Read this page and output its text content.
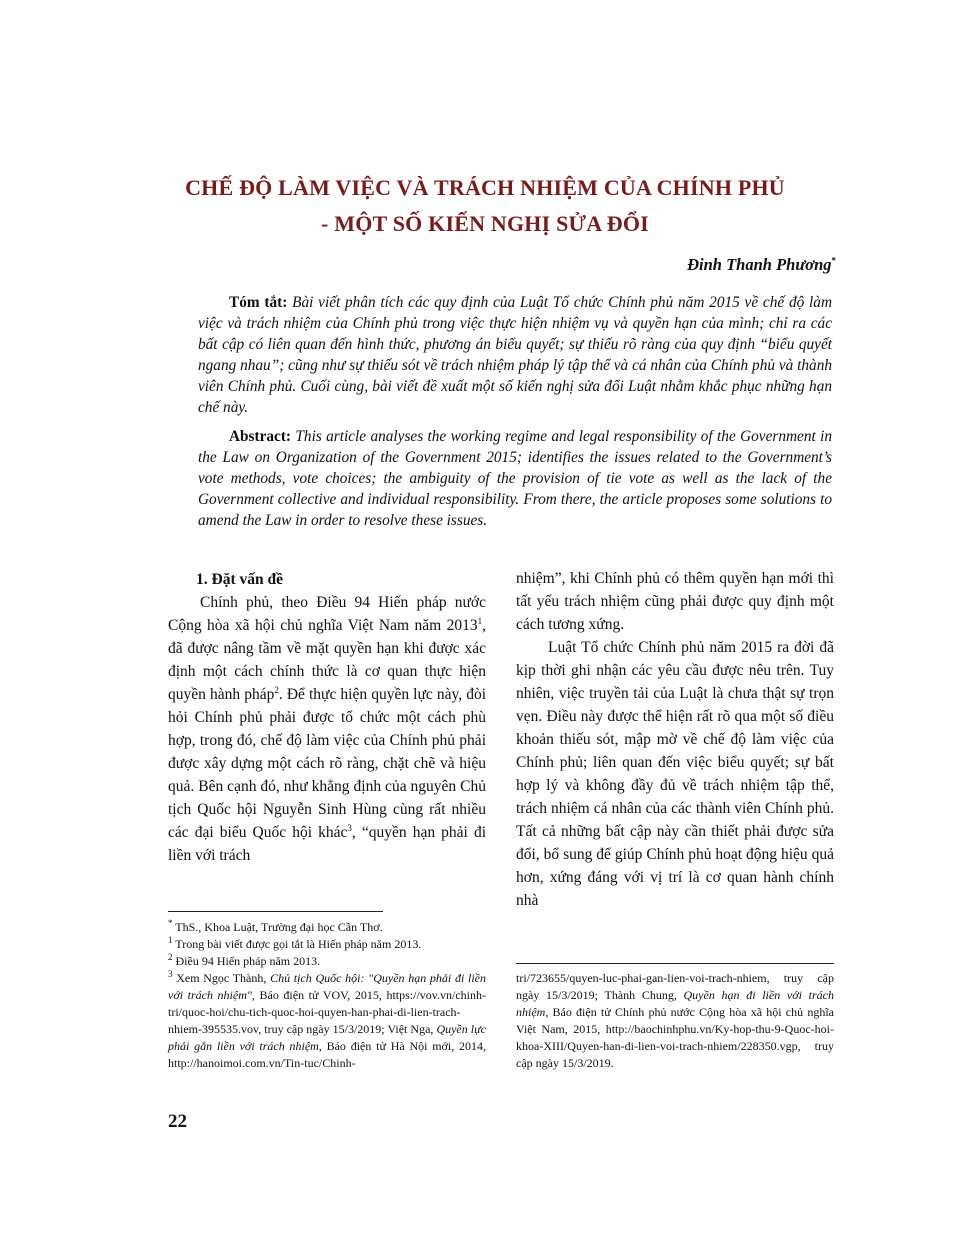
CHẾ ĐỘ LÀM VIỆC VÀ TRÁCH NHIỆM CỦA CHÍNH PHỦ
- MỘT SỐ KIẾN NGHỊ SỬA ĐỔI
Đinh Thanh Phương*
Tóm tắt: Bài viết phân tích các quy định của Luật Tổ chức Chính phủ năm 2015 về chế độ làm việc và trách nhiệm của Chính phủ trong việc thực hiện nhiệm vụ và quyền hạn của mình; chỉ ra các bất cập có liên quan đến hình thức, phương án biểu quyết; sự thiếu rõ ràng của quy định “biểu quyết ngang nhau”; cũng như sự thiếu sót về trách nhiệm pháp lý tập thể và cá nhân của Chính phủ và thành viên Chính phủ. Cuối cùng, bài viết đề xuất một số kiến nghị sửa đổi Luật nhằm khắc phục những hạn chế này.
Abstract: This article analyses the working regime and legal responsibility of the Government in the Law on Organization of the Government 2015; identifies the issues related to the Government’s vote methods, vote choices; the ambiguity of the provision of tie vote as well as the lack of the Government collective and individual responsibility. From there, the article proposes some solutions to amend the Law in order to resolve these issues.
1. Đặt vấn đề

Chính phủ, theo Điều 94 Hiến pháp nước Cộng hòa xã hội chủ nghĩa Việt Nam năm 2013$^1$, đã được nâng tầm về mặt quyền hạn khi được xác định một cách chính thức là cơ quan thực hiện quyền hành pháp$^2$. Để thực hiện quyền lực này, đòi hỏi Chính phủ phải được tổ chức một cách phù hợp, trong đó, chế độ làm việc của Chính phủ phải được xây dựng một cách rõ ràng, chặt chẽ và hiệu quả. Bên cạnh đó, như khẳng định của nguyên Chủ tịch Quốc hội Nguyễn Sinh Hùng cùng rất nhiều các đại biểu Quốc hội khác$^3$, “quyền hạn phải đi liền với trách

nhiệm”, khi Chính phủ có thêm quyền hạn mới thì tất yếu trách nhiệm cũng phải được quy định một cách tương xứng.

Luật Tổ chức Chính phủ năm 2015 ra đời đã kịp thời ghi nhận các yêu cầu được nêu trên. Tuy nhiên, việc truyền tải của Luật là chưa thật sự trọn vẹn. Điều này được thể hiện rất rõ qua một số điều khoản thiếu sót, mập mờ về chế độ làm việc của Chính phủ; liên quan đến việc biểu quyết; sự bất hợp lý và không đầy đủ về trách nhiệm tập thể, trách nhiệm cá nhân của các thành viên Chính phủ. Tất cả những bất cập này cần thiết phải được sửa đổi, bổ sung để giúp Chính phủ hoạt động hiệu quả hơn, xứng đáng với vị trí là cơ quan hành chính nhà

* ThS., Khoa Luật, Trường đại học Cần Thơ.

$^1$ Trong bài viết được gọi tắt là Hiến pháp năm 2013.

$^2$ Điều 94 Hiến pháp năm 2013.

$^3$ Xem Ngọc Thành, Chủ tịch Quốc hội: "Quyền hạn phải đi liền với trách nhiệm", Báo điện tử VOV, 2015, https://vov.vn/chinh-tri/quoc-hoi/chu-tich-quoc-hoi-quyen-han-phai-di-lien-trach-nhiem-395535.vov, truy cập ngày 15/3/2019; Việt Nga, Quyền lực phải gắn liền với trách nhiệm, Báo điện tử Hà Nội mới, 2014, http://hanoimoi.com.vn/Tin-tuc/Chinh-

tri/723655/quyen-luc-phai-gan-lien-voi-trach-nhiem, truy cập ngày 15/3/2019; Thành Chung, Quyền hạn đi liền với trách nhiệm, Báo điện tử Chính phủ nước Cộng hòa xã hội chủ nghĩa Việt Nam, 2015, http://baochinhphu.vn/Ky-hop-thu-9-Quoc-hoi-khoa-XIII/Quyen-han-di-lien-voi-trach-nhiem/228350.vgp, truy cập ngày 15/3/2019.

22
